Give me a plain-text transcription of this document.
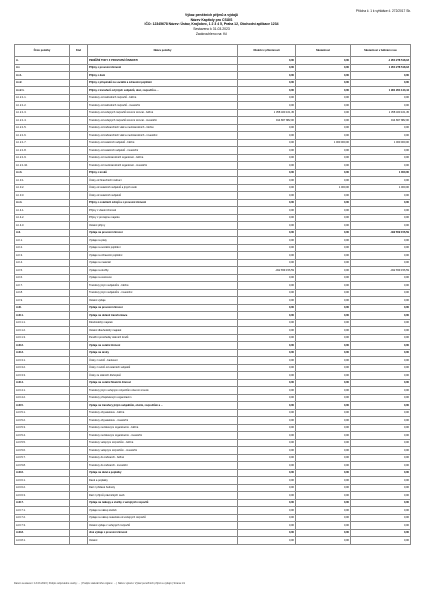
Příloha č. 1 k vyhlášce č. 272/2017 Sb.
Výkaz peněžních příjmů a výdajů
Název Kapitoly pro CSÚIS
IČO: 12345678 Název: Ústav, Kraj/obec, 1 2 3 4 5, Praha 12, Obchodní aplikace 1234
Sestaveno k 31.03.2023
Zaokrouhleno na: Kč
Číslo položky	Kód	Název položky	Období v přítomnosti	Skutečnost	Skutečnost v běžném roce
A.		PENĚŽNÍ TOKY Z PROVOZNÍ ČINNOSTI	0,00	0,00	-1 954 278 518,18
A.I.		Příjmy z provozní činnosti	0,00	0,00	1 954 278 518,18
A.I.1.		Příjmy z daní	0,00	0,00	0,00
A.I.2.		Příjmy z příspěvků na sociální a zdravotní pojištění	0,00	0,00	0,00
A.I.2.1.		Příjmy z transferů od jiných subjektů, obcí, rozpočtů a ...	0,00	0,00	1 961 954 143,44
A.I.2.1.1.		Transfery od ústředních rozpočtů - běžné	0,00	0,00	0,00
A.I.2.1.2.		Transfery od ústředních rozpočtů - investiční	0,00	0,00	0,00
A.I.2.1.3.		Transfery od veřejných rozpočtů územní úrovně - běžné	1 358 460 161,45	0,00	1 358 460 161,45
A.I.2.1.4.		Transfery od veřejných rozpočtů územní úrovně - investiční	914 807 882,00	0,00	914 807 882,00
A.I.2.1.5.		Transfery od zahraničních vlád a mezinárodních - běžné	0,00	0,00	0,00
A.I.2.1.6.		Transfery od zahraničních vlád a mezinárodních - investiční	0,00	0,00	0,00
A.I.2.1.7.		Transfery od ostatních subjektů - běžné	0,00	1 000 000,00	1 000 000,00
A.I.2.1.8.		Transfery od ostatních subjektů - investiční	0,00	0,00	0,00
A.I.2.1.9.		Transfery od mezinárodních organizací - běžné	0,00	0,00	0,00
A.I.2.1.10.		Transfery od mezinárodních organizací - investiční	0,00	0,00	0,00
A.I.3.		Příjmy z úroků	0,00	0,00	1 000,00
A.I.3.1.		Úroky od finančních institucí	0,00	0,00	0,00
A.I.3.2.		Úroky od ostatních subjektů a jiných osob	0,00	1 000,00	1 000,00
A.I.3.3.		Úroky od ostatních subjektů	0,00	0,00	0,00
A.I.4.		Příjmy z ostatních zdrojů a z provozní činnosti	0,00	0,00	0,00
A.I.4.1.		Příjmy z vlastní činnosti	0,00	0,00	0,00
A.I.4.2.		Příjmy z pronájmu majetku	0,00	0,00	0,00
A.I.4.3.		Ostatní příjmy	0,00	0,00	0,00
A.II.		Výdaje na provozní činnost	0,00	0,00	-492 659 156,59
A.II.1.		Výdaje na platy	0,00	0,00	0,00
A.II.2.		Výdaje na sociální pojištění	0,00	0,00	0,00
A.II.3.		Výdaje na zdravotní pojištění	0,00	0,00	0,00
A.II.4.		Výdaje na materiál	0,00	0,00	0,00
A.II.5.		Výdaje na služby	-492 659 156,59	0,00	-492 659 156,59
A.II.6.		Výdaje na cestovné	0,00	0,00	0,00
A.II.7.		Transfery jiným subjektům - běžné	0,00	0,00	0,00
A.II.8.		Transfery jiným subjektům - investiční	0,00	0,00	0,00
A.II.9.		Ostatní výdaje	0,00	0,00	0,00
A.III.		Výdaje na provozní činnost	0,00	0,00	0,00
A.III.1.		Výdaje na oblasti transformace	0,00	0,00	0,00
A.III.1.1.		Dlouhodobý majetek	0,00	0,00	0,00
A.III.1.2.		Ostatní dlouhodobý majetek	0,00	0,00	0,00
A.III.1.3.		Peněžní prostředky státních fondů	0,00	0,00	0,00
A.III.2.		Výdaje na ostatní činnost	0,00	0,00	0,00
A.III.3.		Výdaje na úroky	0,00	0,00	0,00
A.III.3.1.		Úroky z úvěrů - bankovní	0,00	0,00	0,00
A.III.3.2.		Úroky z úvěrů od ostatních subjektů	0,00	0,00	0,00
A.III.3.3.		Úroky ze státních dluhopisů	0,00	0,00	0,00
A.III.4.		Výdaje na ostatní finanční činnost	0,00	0,00	0,00
A.III.4.1.		Transfery jiným veřejným rozpočtům územní úrovně	0,00	0,00	0,00
A.III.4.2.		Transfery příspěvkovým organizacím	0,00	0,00	0,00
A.III.5.		Výdaje na transfery jiným subjektům, obcím, rozpočtům a ...	0,00	0,00	0,00
A.III.5.1.		Transfery obyvatelstvu - běžné	0,00	0,00	0,00
A.III.5.2.		Transfery obyvatelstvu - investiční	0,00	0,00	0,00
A.III.5.3.		Transfery neziskovým organizacím - běžné	0,00	0,00	0,00
A.III.5.4.		Transfery neziskovým organizacím - investiční	0,00	0,00	0,00
A.III.5.5.		Transfery veřejným rozpočtům - běžné	0,00	0,00	0,00
A.III.5.6.		Transfery veřejným rozpočtům - investiční	0,00	0,00	0,00
A.III.5.7.		Transfery do zahraničí - běžné	0,00	0,00	0,00
A.III.5.8.		Transfery do zahraničí - investiční	0,00	0,00	0,00
A.III.6.		Výdaje na daně a poplatky	0,00	0,00	0,00
A.III.6.1.		Daně a poplatky	0,00	0,00	0,00
A.III.6.2.		Daň z přidané hodnoty	0,00	0,00	0,00
A.III.6.3.		Daň z příjmů právnických osob	0,00	0,00	0,00
A.III.7.		Výdaje na nákupy a služby z veřejných rozpočtů	0,00	0,00	0,00
A.III.7.1.		Výdaje na nákup služeb	0,00	0,00	0,00
A.III.7.2.		Výdaje na nákup materiálu od veřejných rozpočtů	0,00	0,00	0,00
A.III.7.3.		Ostatní výdaje z veřejných rozpočtů	0,00	0,00	0,00
A.III.8.		Jiné výdaje z provozní činnosti	0,00	0,00	0,00
A.III.8.1.		Ostatní	0,00	0,00	0,00
Datum sestavení: 13.03.2023 | Podpis odpovědné osoby: ... | Podpis statutárního orgánu: ... | Název výkazu: Výkaz peněžních příjmů a výdajů | Strana 1/1
